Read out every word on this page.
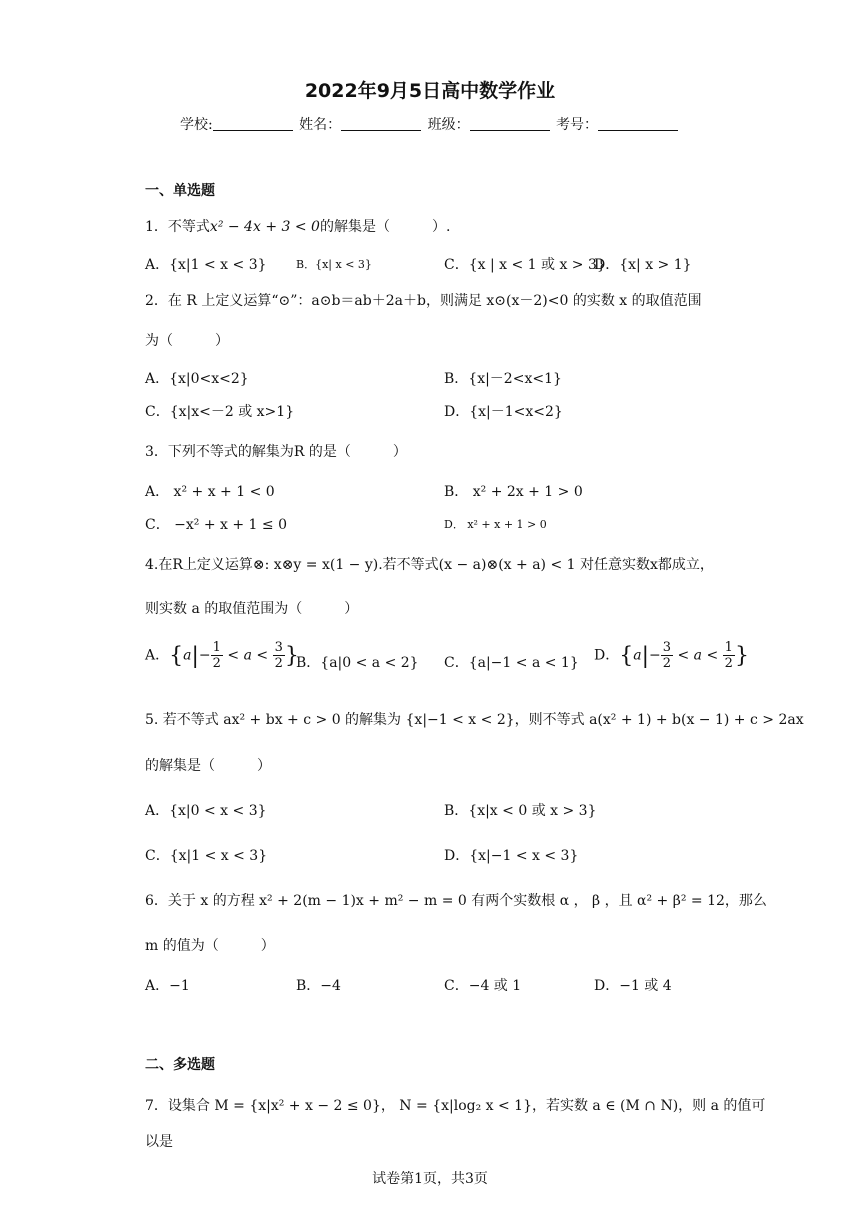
2022年9月5日高中数学作业
学校:	姓名：	班级：	考号：
一、单选题
1．不等式x² − 4x + 3 < 0的解集是（　　　）.
A．{x|1 < x < 3}	B．{x| x < 3}	C．{x | x < 1 或 x > 3}
D．{x| x > 1}
2．在 R 上定义运算“⊙”：a⊙b＝ab＋2a＋b，则满足 x⊙(x－2)<0 的实数 x 的取值范围
为（　　　）
A．{x|0<x<2}	B．{x|－2<x<1}
C．{x|x<－2 或 x>1}	D．{x|－1<x<2}
3．下列不等式的解集为R 的是（　　　）
A． x² + x + 1 < 0	B． x² + 2x + 1 > 0
C． −x² + x + 1 ≤ 0	D． x² + x + 1 > 0
4.在R上定义运算⊗: x⊗y = x(1 − y).若不等式(x − a)⊗(x + a) < 1 对任意实数x都成立，
则实数 a 的取值范围为（　　　）
A．{$a|- \frac{1}{2} < a < \frac{3}{2}$ }
B．{a|0 < a < 2} C．{a|−1 < a < 1} D．{$a|- \frac{3}{2} < a < \frac{1}{2}$ }
5. 若不等式 ax² + bx + c > 0 的解集为 {x|−1 < x < 2}，则不等式 a(x² + 1) + b(x − 1) + c > 2ax
的解集是（　　　）
A．{x|0 < x < 3}	B．{x|x < 0 或 x > 3}
C．{x|1 < x < 3}	D．{x|−1 < x < 3}
6．关于 x 的方程 x² + 2(m − 1)x + m² − m = 0 有两个实数根 α ， β ，且 α² + β² = 12，那么
m 的值为（　　　）
A．−1	B．−4	C．−4 或 1	D．−1 或 4
二、多选题
7．设集合 M = {x|x² + x − 2 ≤ 0}， N = {x|log₂ x < 1}，若实数 a ∈ (M ∩ N)，则 a 的值可
以是
试卷第1页，共3页
